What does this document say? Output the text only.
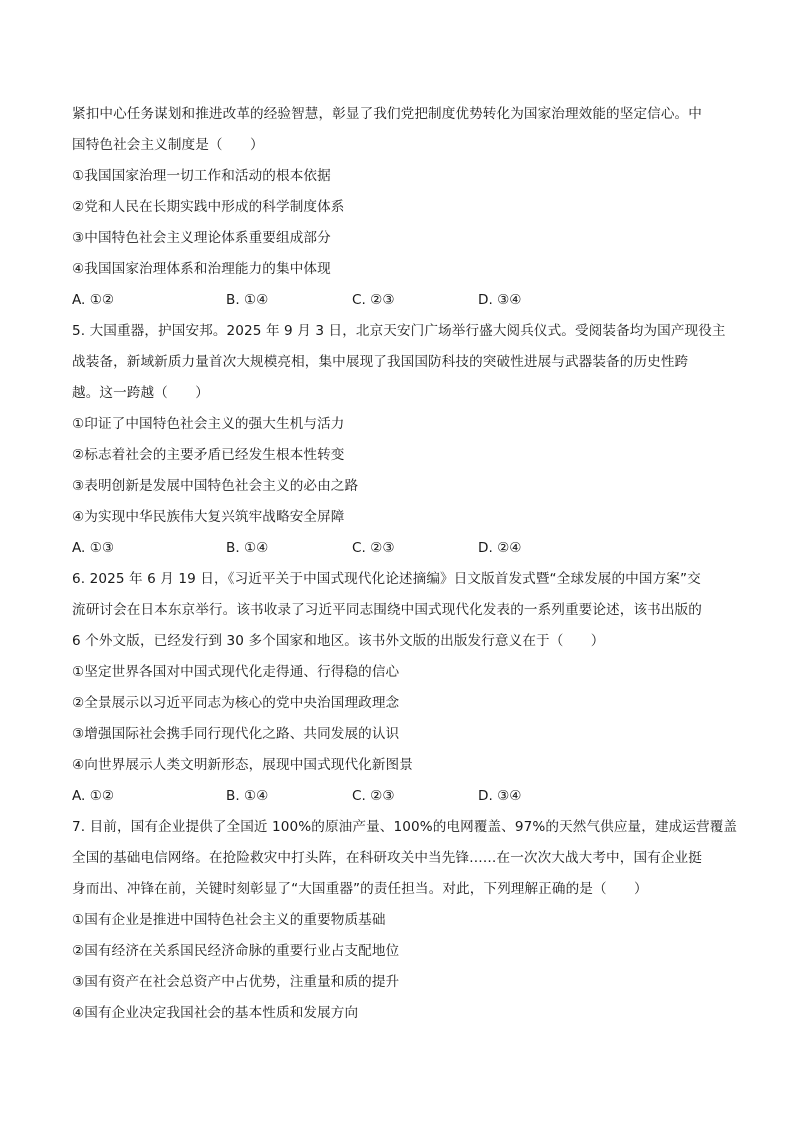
紧扣中心任务谋划和推进改革的经验智慧，彰显了我们党把制度优势转化为国家治理效能的坚定信心。中
国特色社会主义制度是（　　）
①我国国家治理一切工作和活动的根本依据
②党和人民在长期实践中形成的科学制度体系
③中国特色社会主义理论体系重要组成部分
④我国国家治理体系和治理能力的集中体现
A. ①②	B. ①④	C. ②③	D. ③④
5. 大国重器，护国安邦。2025 年 9 月 3 日，北京天安门广场举行盛大阅兵仪式。受阅装备均为国产现役主
战装备，新域新质力量首次大规模亮相，集中展现了我国国防科技的突破性进展与武器装备的历史性跨
越。这一跨越（　　）
①印证了中国特色社会主义的强大生机与活力
②标志着社会的主要矛盾已经发生根本性转变
③表明创新是发展中国特色社会主义的必由之路
④为实现中华民族伟大复兴筑牢战略安全屏障
A. ①③	B. ①④	C. ②③	D. ②④
6. 2025 年 6 月 19 日，《习近平关于中国式现代化论述摘编》日文版首发式暨“全球发展的中国方案”交
流研讨会在日本东京举行。该书收录了习近平同志围绕中国式现代化发表的一系列重要论述，该书出版的
6 个外文版，已经发行到 30 多个国家和地区。该书外文版的出版发行意义在于（　　）
①坚定世界各国对中国式现代化走得通、行得稳的信心
②全景展示以习近平同志为核心的党中央治国理政理念
③增强国际社会携手同行现代化之路、共同发展的认识
④向世界展示人类文明新形态，展现中国式现代化新图景
A. ①②	B. ①④	C. ②③	D. ③④
7. 目前，国有企业提供了全国近 100%的原油产量、100%的电网覆盖、97%的天然气供应量，建成运营覆盖
全国的基础电信网络。在抢险救灾中打头阵，在科研攻关中当先锋……在一次次大战大考中，国有企业挺
身而出、冲锋在前，关键时刻彰显了“大国重器”的责任担当。对此，下列理解正确的是（　　）
①国有企业是推进中国特色社会主义的重要物质基础
②国有经济在关系国民经济命脉的重要行业占支配地位
③国有资产在社会总资产中占优势，注重量和质的提升
④国有企业决定我国社会的基本性质和发展方向
